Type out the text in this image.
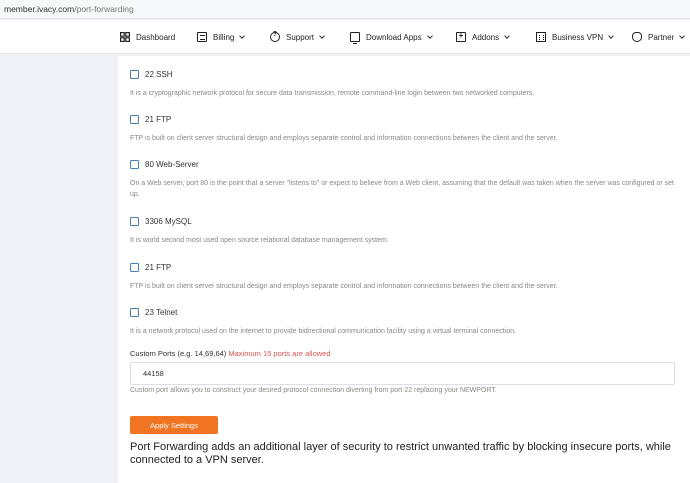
member.ivacy.com/port-forwarding
Dashboard	Billing ?	Support	Download Apps +	Addons	Business VPN	Partner
22 SSH
It is a cryptographic network protocol for secure data transmission, remote command-line login between two networked computers.
21 FTP
FTP is built on client server structural design and employs separate control and information connections between the client and the server.
80 Web-Server
On a Web server, port 80 is the point that a server "listens to" or expect to believe from a Web client, assuming that the default was taken when the server was configured or set up.
3306 MySQL
It is world second most used open source relational database management system.
21 FTP
FTP is built on client server structural design and employs separate control and information connections between the client and the server.
23 Telnet
It is a network protocol used on the internet to provide bidirectional communication facility using a virtual terminal connection.
Custom Ports (e.g. 14,69,64) Maximum 15 ports are allowed
44158
Custom port allows you to construct your desired protocol connection diverting from port 22 replacing your NEWPORT.
Apply Settings
Port Forwarding adds an additional layer of security to restrict unwanted traffic by blocking insecure ports, while connected to a VPN server.
